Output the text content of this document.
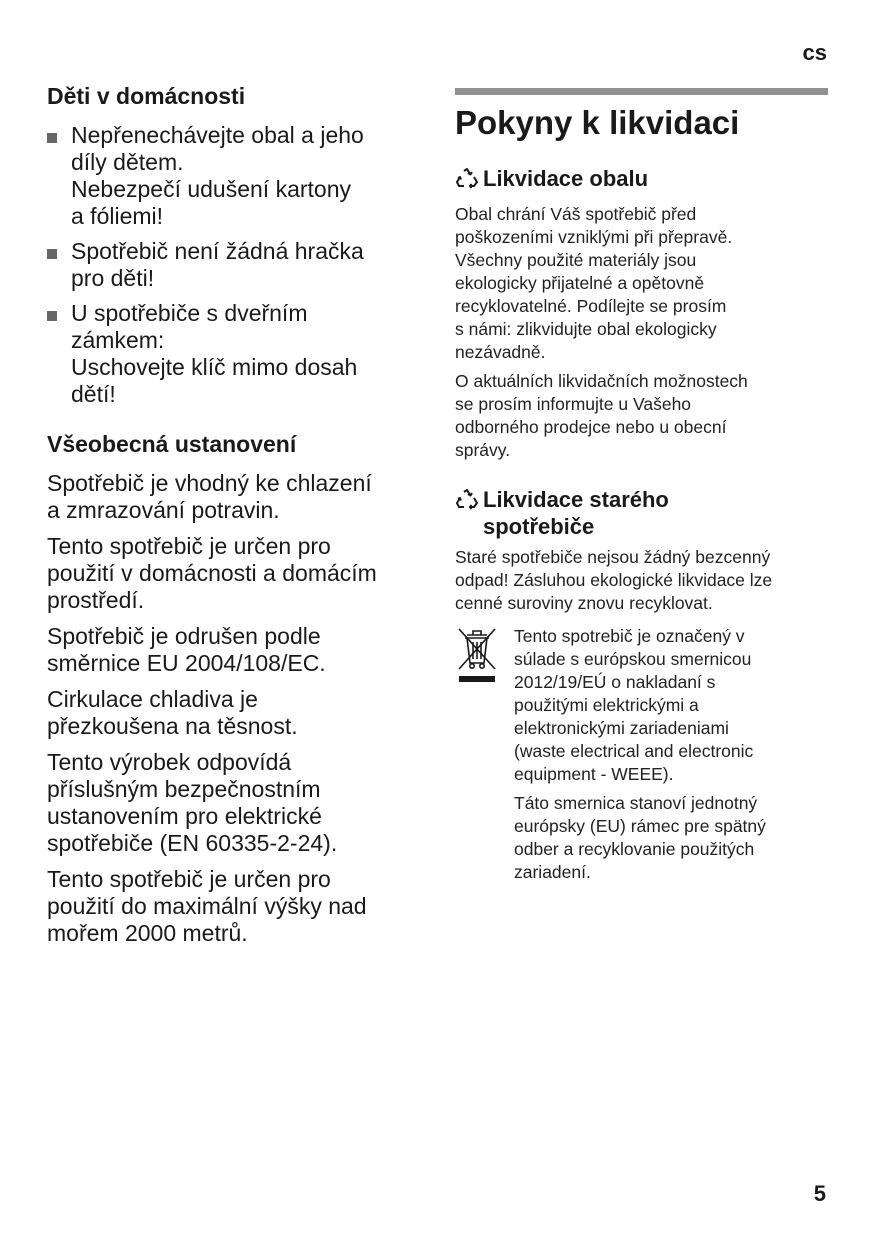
cs
Děti v domácnosti
Nepřenechávejte obal a jeho
díly dětem.
Nebezpečí udušení kartony
a fóliemi!
Spotřebič není žádná hračka
pro děti!
U spotřebiče s dveřním
zámkem:
Uschovejte klíč mimo dosah
dětí!
Všeobecná ustanovení

Spotřebič je vhodný ke chlazení
a zmrazování potravin.

Tento spotřebič je určen pro
použití v domácnosti a domácím
prostředí.

Spotřebič je odrušen podle
směrnice EU 2004/108/EC.

Cirkulace chladiva je
přezkoušena na těsnost.

Tento výrobek odpovídá
příslušným bezpečnostním
ustanovením pro elektrické
spotřebiče (EN 60335-2-24).

Tento spotřebič je určen pro
použití do maximální výšky nad
mořem 2000 metrů.

Pokyny k likvidaci
Likvidace obalu

Obal chrání Váš spotřebič před
poškozeními vzniklými při přepravě.
Všechny použité materiály jsou
ekologicky přijatelné a opětovně
recyklovatelné. Podílejte se prosím
s námi: zlikvidujte obal ekologicky
nezávadně.

O aktuálních likvidačních možnostech
se prosím informujte u Vašeho
odborného prodejce nebo u obecní
správy.

Likvidace starého
spotřebiče

Staré spotřebiče nejsou žádný bezcenný
odpad! Zásluhou ekologické likvidace lze
cenné suroviny znovu recyklovat.

Tento spotrebič je označený v
súlade s európskou smernicou
2012/19/EÚ o nakladaní s
použitými elektrickými a
elektronickými zariadeniami
(waste electrical and electronic
equipment - WEEE).

Táto smernica stanoví jednotný
európsky (EU) rámec pre spätný
odber a recyklovanie použitých
zariadení.

5
